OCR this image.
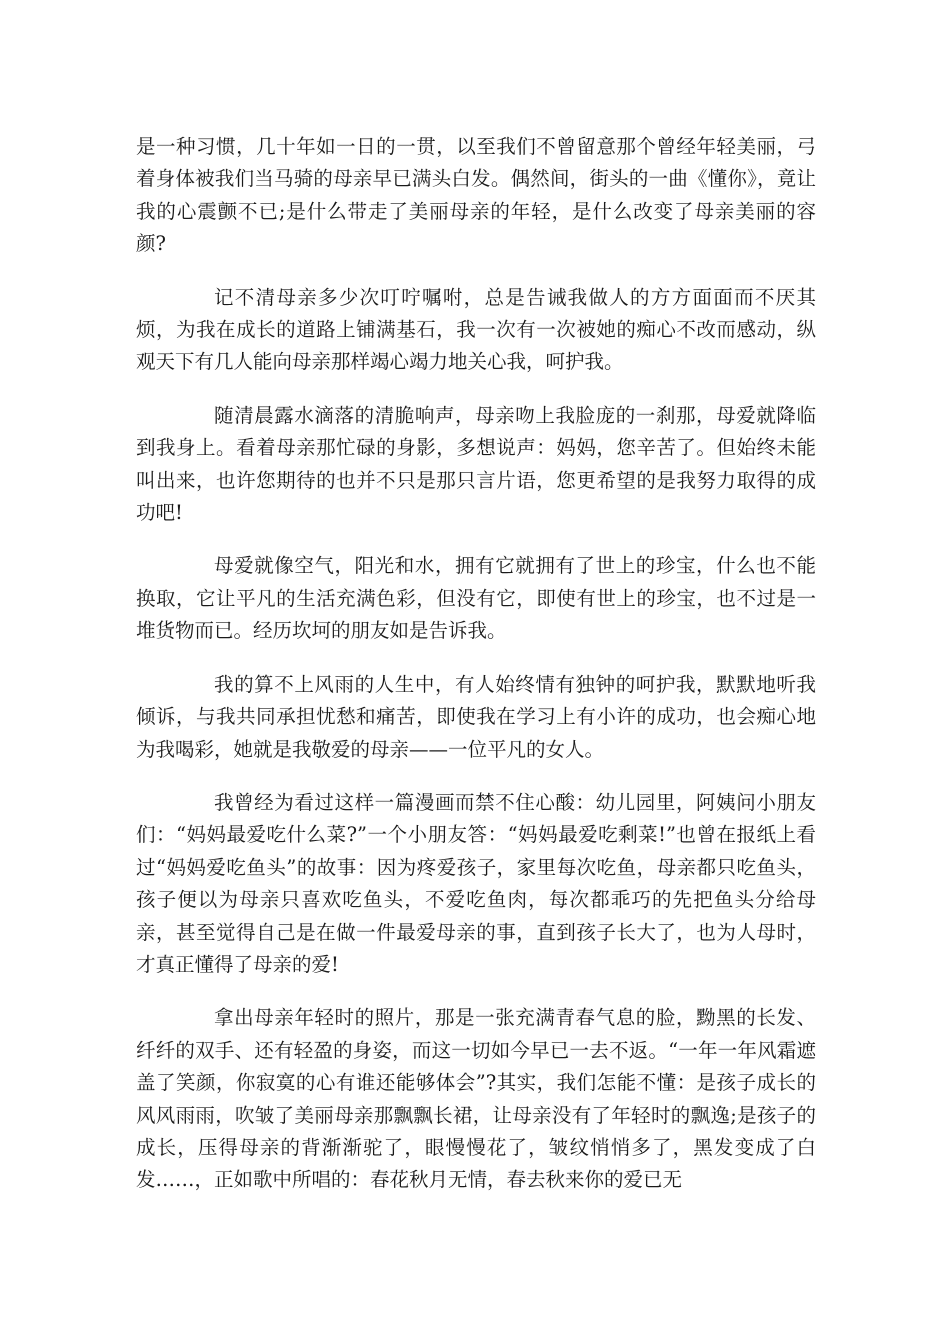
是一种习惯，几十年如一日的一贯，以至我们不曾留意那个曾经年轻美丽，弓着身体被我们当马骑的母亲早已满头白发。偶然间，街头的一曲《懂你》，竟让我的心震颤不已;是什么带走了美丽母亲的年轻，是什么改变了母亲美丽的容颜?

记不清母亲多少次叮咛嘱咐，总是告诫我做人的方方面面而不厌其烦，为我在成长的道路上铺满基石，我一次有一次被她的痴心不改而感动，纵观天下有几人能向母亲那样竭心竭力地关心我，呵护我。

随清晨露水滴落的清脆响声，母亲吻上我脸庞的一刹那，母爱就降临到我身上。看着母亲那忙碌的身影，多想说声：妈妈，您辛苦了。但始终未能叫出来，也许您期待的也并不只是那只言片语，您更希望的是我努力取得的成功吧!

母爱就像空气，阳光和水，拥有它就拥有了世上的珍宝，什么也不能换取，它让平凡的生活充满色彩，但没有它，即使有世上的珍宝，也不过是一堆货物而已。经历坎坷的朋友如是告诉我。

我的算不上风雨的人生中，有人始终情有独钟的呵护我，默默地听我倾诉，与我共同承担忧愁和痛苦，即使我在学习上有小许的成功，也会痴心地为我喝彩，她就是我敬爱的母亲——一位平凡的女人。

我曾经为看过这样一篇漫画而禁不住心酸：幼儿园里，阿姨问小朋友们：“妈妈最爱吃什么菜?”一个小朋友答：“妈妈最爱吃剩菜!”也曾在报纸上看过“妈妈爱吃鱼头”的故事：因为疼爱孩子，家里每次吃鱼，母亲都只吃鱼头，孩子便以为母亲只喜欢吃鱼头，不爱吃鱼肉，每次都乖巧的先把鱼头分给母亲，甚至觉得自己是在做一件最爱母亲的事，直到孩子长大了，也为人母时，才真正懂得了母亲的爱!

拿出母亲年轻时的照片，那是一张充满青春气息的脸，黝黑的长发、纤纤的双手、还有轻盈的身姿，而这一切如今早已一去不返。“一年一年风霜遮盖了笑颜，你寂寞的心有谁还能够体会”?其实，我们怎能不懂：是孩子成长的风风雨雨，吹皱了美丽母亲那飘飘长裙，让母亲没有了年轻时的飘逸;是孩子的成长，压得母亲的背渐渐驼了，眼慢慢花了，皱纹悄悄多了，黑发变成了白发……，正如歌中所唱的：春花秋月无情，春去秋来你的爱已无
